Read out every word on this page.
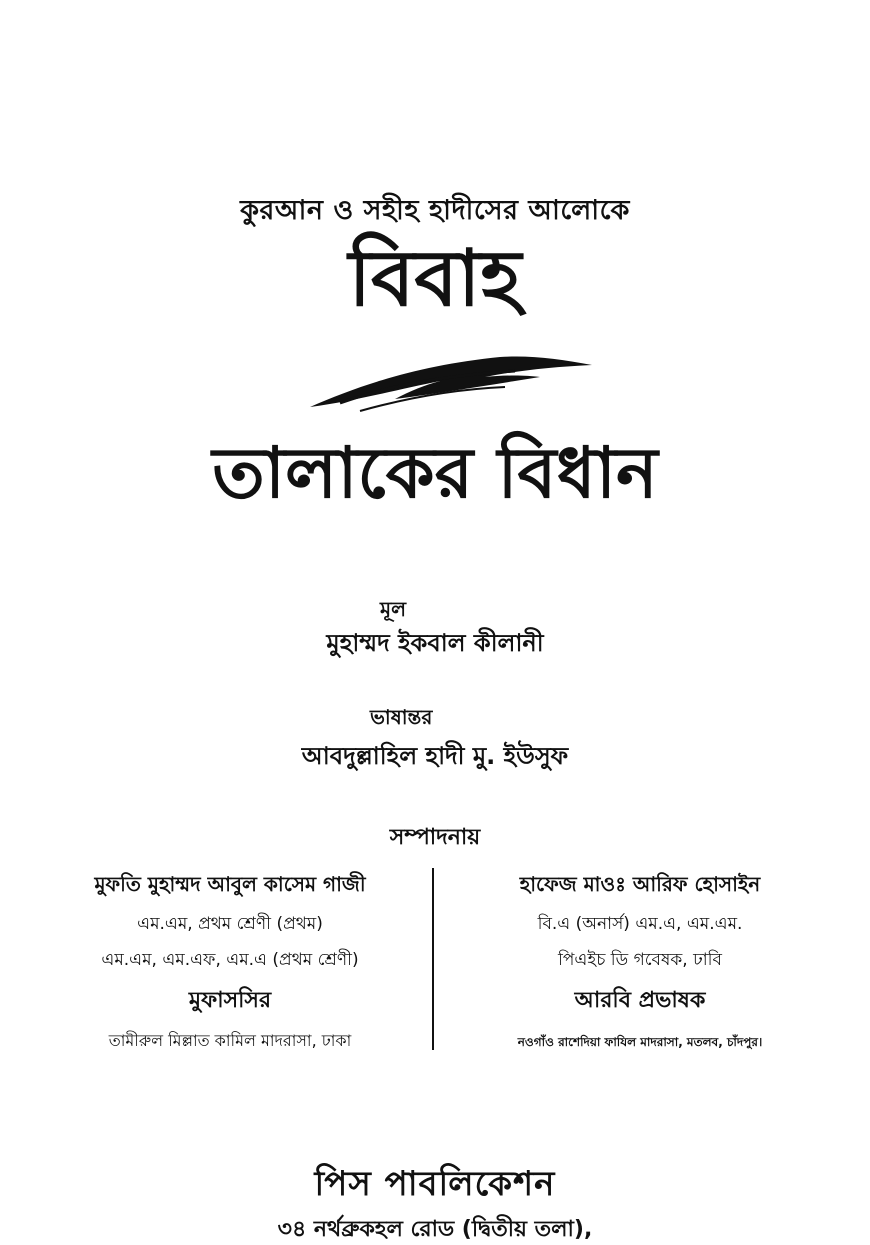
কুরআন ও সহীহ হাদীসের আলোকে
বিবাহ
তালাকের বিধান
মূল
মুহাম্মদ ইকবাল কীলানী
ভাষান্তর
আবদুল্লাহিল হাদী মু. ইউসুফ
সম্পাদনায়
মুফতি মুহাম্মদ আবুল কাসেম গাজী
এম.এম, প্রথম শ্রেণী (প্রথম)
এম.এম, এম.এফ, এম.এ (প্রথম শ্রেণী)
মুফাসসির
তামীরুল মিল্লাত কামিল মাদরাসা, ঢাকা
হাফেজ মাওঃ আরিফ হোসাইন
বি.এ (অনার্স) এম.এ, এম.এম.
পিএইচ ডি গবেষক, ঢাবি
আরবি প্রভাষক
নওগাঁও রাশেদিয়া ফাযিল মাদরাসা, মতলব, চাঁদপুর।
পিস পাবলিকেশন
৩৪ নর্থব্রুকহল রোড (দ্বিতীয় তলা),
